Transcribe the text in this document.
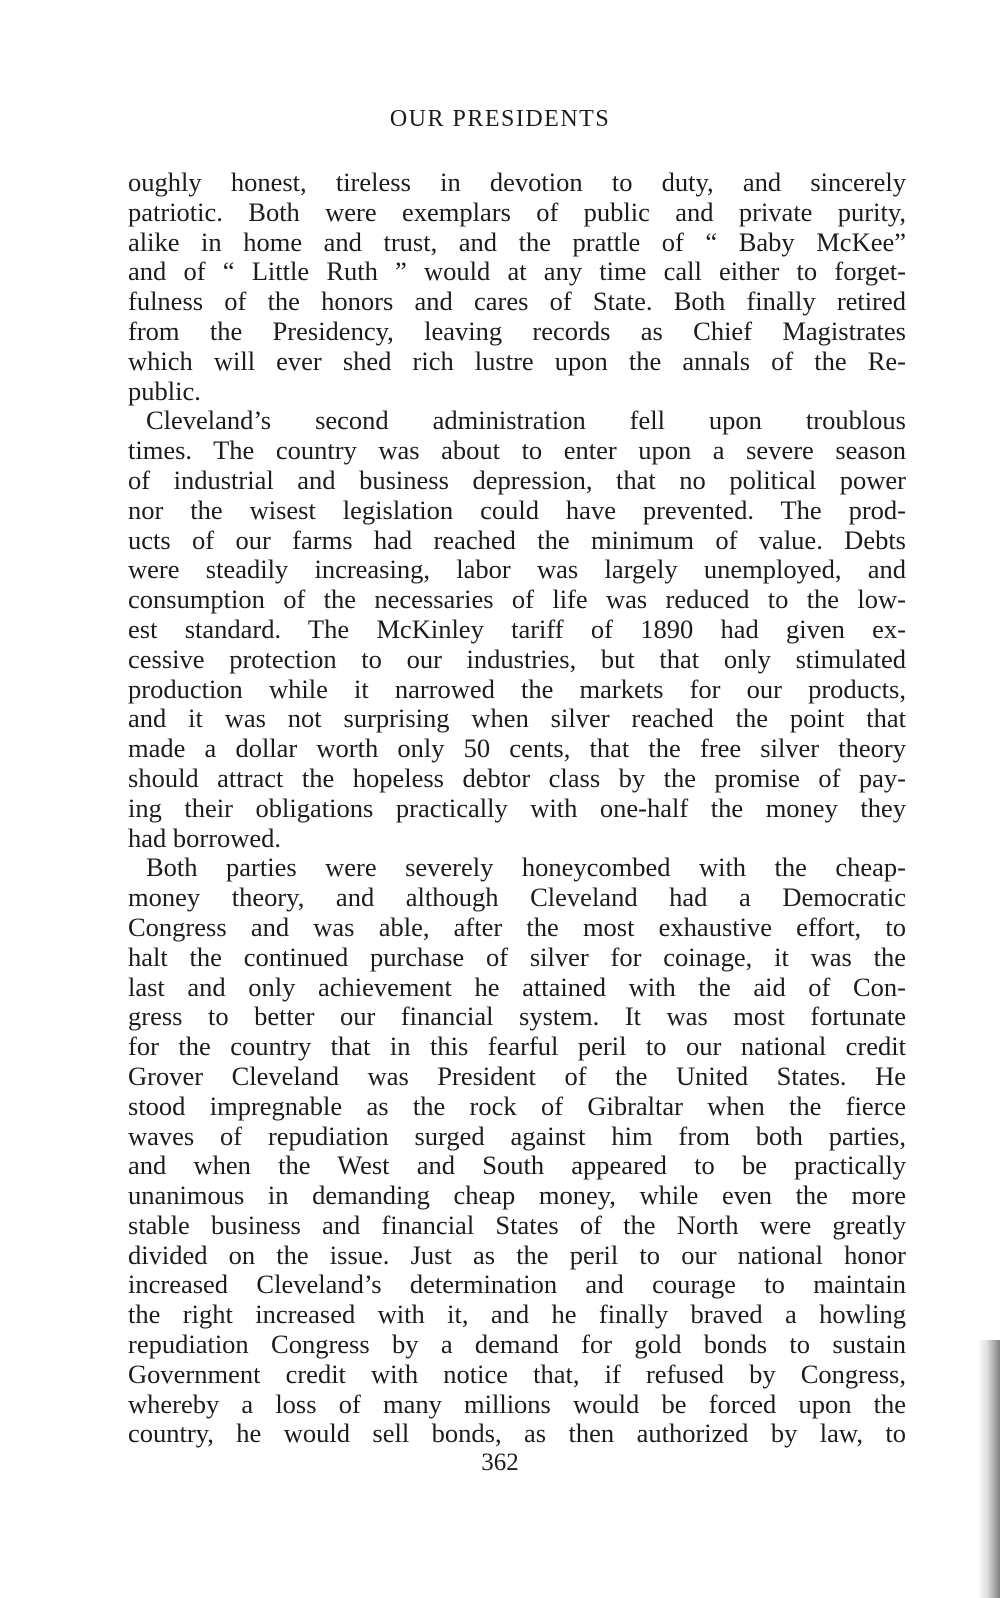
OUR PRESIDENTS
oughly honest, tireless in devotion to duty, and sincerely
patriotic. Both were exemplars of public and private purity,
alike in home and trust, and the prattle of “ Baby McKee”
and of “ Little Ruth ” would at any time call either to forget-
fulness of the honors and cares of State. Both finally retired
from the Presidency, leaving records as Chief Magistrates
which will ever shed rich lustre upon the annals of the Re-
public.
Cleveland’s second administration fell upon troublous
times. The country was about to enter upon a severe season
of industrial and business depression, that no political power
nor the wisest legislation could have prevented. The prod-
ucts of our farms had reached the minimum of value. Debts
were steadily increasing, labor was largely unemployed, and
consumption of the necessaries of life was reduced to the low-
est standard. The McKinley tariff of 1890 had given ex-
cessive protection to our industries, but that only stimulated
production while it narrowed the markets for our products,
and it was not surprising when silver reached the point that
made a dollar worth only 50 cents, that the free silver theory
should attract the hopeless debtor class by the promise of pay-
ing their obligations practically with one-half the money they
had borrowed.
Both parties were severely honeycombed with the cheap-
money theory, and although Cleveland had a Democratic
Congress and was able, after the most exhaustive effort, to
halt the continued purchase of silver for coinage, it was the
last and only achievement he attained with the aid of Con-
gress to better our financial system. It was most fortunate
for the country that in this fearful peril to our national credit
Grover Cleveland was President of the United States. He
stood impregnable as the rock of Gibraltar when the fierce
waves of repudiation surged against him from both parties,
and when the West and South appeared to be practically
unanimous in demanding cheap money, while even the more
stable business and financial States of the North were greatly
divided on the issue. Just as the peril to our national honor
increased Cleveland’s determination and courage to maintain
the right increased with it, and he finally braved a howling
repudiation Congress by a demand for gold bonds to sustain
Government credit with notice that, if refused by Congress,
whereby a loss of many millions would be forced upon the
country, he would sell bonds, as then authorized by law, to
362
